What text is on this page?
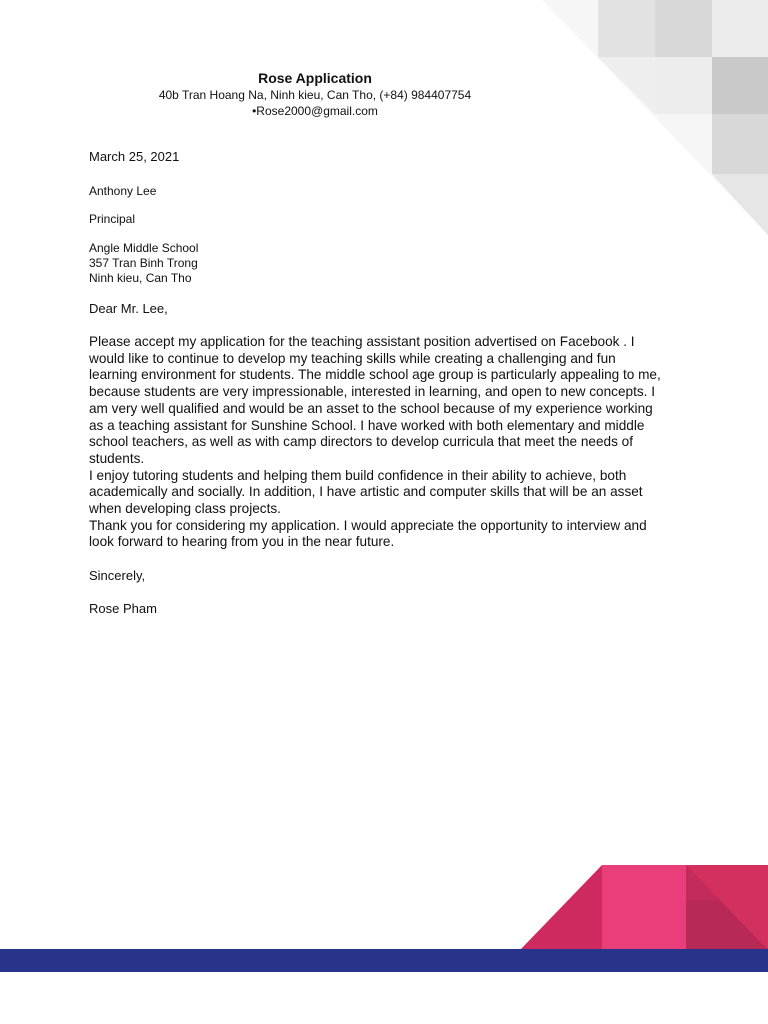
Rose Application
40b Tran Hoang Na, Ninh kieu, Can Tho, (+84) 984407754
•Rose2000@gmail.com
March 25, 2021
Anthony Lee
Principal
Angle Middle School
357 Tran Binh Trong
Ninh kieu, Can Tho
Dear Mr. Lee,

Please accept my application for the teaching assistant position advertised on Facebook . I
would like to continue to develop my teaching skills while creating a challenging and fun
learning environment for students. The middle school age group is particularly appealing to me,
because students are very impressionable, interested in learning, and open to new concepts. I
am very well qualified and would be an asset to the school because of my experience working
as a teaching assistant for Sunshine School. I have worked with both elementary and middle
school teachers, as well as with camp directors to develop curricula that meet the needs of
students.

I enjoy tutoring students and helping them build confidence in their ability to achieve, both
academically and socially. In addition, I have artistic and computer skills that will be an asset
when developing class projects.

Thank you for considering my application. I would appreciate the opportunity to interview and
look forward to hearing from you in the near future.

Sincerely,
Rose Pham
